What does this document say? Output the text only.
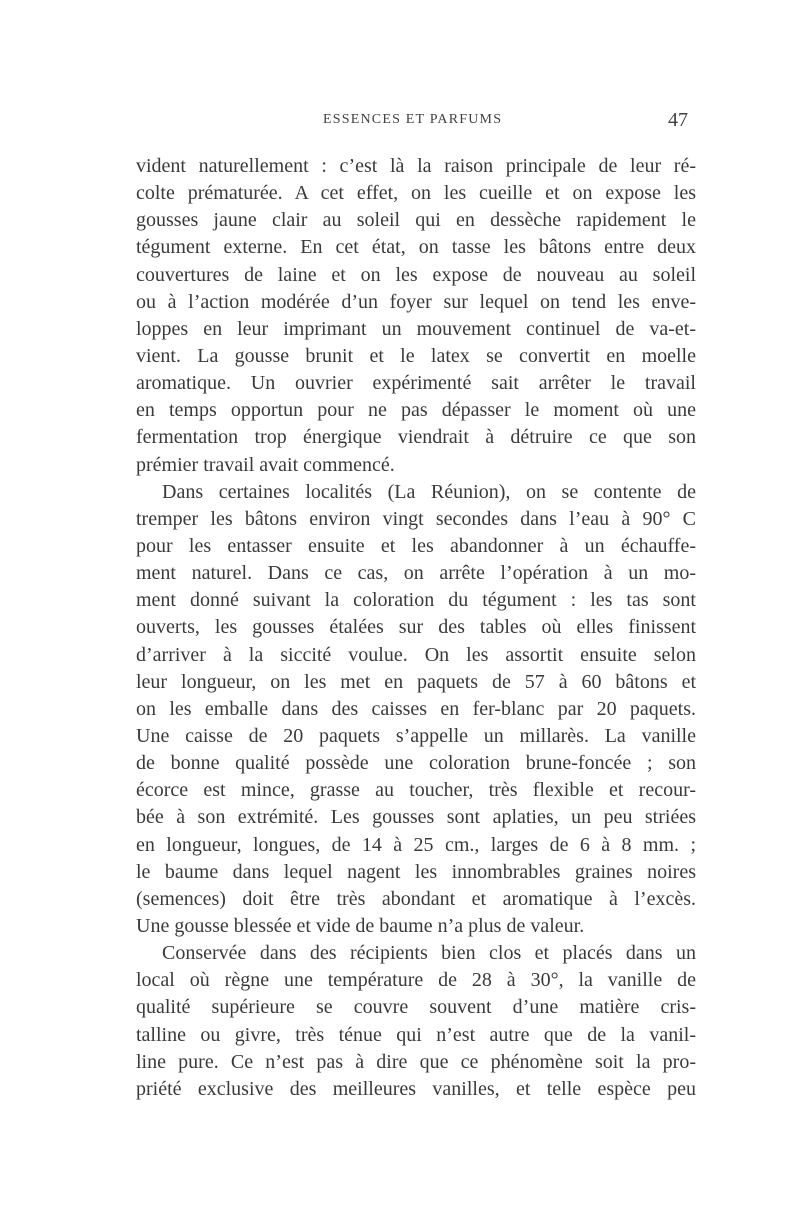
ESSENCES ET PARFUMS	47
vident naturellement : c’est là la raison principale de leur ré-
colte prématurée. A cet effet, on les cueille et on expose les
gousses jaune clair au soleil qui en dessèche rapidement le
tégument externe. En cet état, on tasse les bâtons entre deux
couvertures de laine et on les expose de nouveau au soleil
ou à l’action modérée d’un foyer sur lequel on tend les enve-
loppes en leur imprimant un mouvement continuel de va-et-
vient. La gousse brunit et le latex se convertit en moelle
aromatique. Un ouvrier expérimenté sait arrêter le travail
en temps opportun pour ne pas dépasser le moment où une
fermentation trop énergique viendrait à détruire ce que son
prémier travail avait commencé.
Dans certaines localités (La Réunion), on se contente de
tremper les bâtons environ vingt secondes dans l’eau à 90° C
pour les entasser ensuite et les abandonner à un échauffe-
ment naturel. Dans ce cas, on arrête l’opération à un mo-
ment donné suivant la coloration du tégument : les tas sont
ouverts, les gousses étalées sur des tables où elles finissent
d’arriver à la siccité voulue. On les assortit ensuite selon
leur longueur, on les met en paquets de 57 à 60 bâtons et
on les emballe dans des caisses en fer-blanc par 20 paquets.
Une caisse de 20 paquets s’appelle un millarès. La vanille
de bonne qualité possède une coloration brune-foncée ; son
écorce est mince, grasse au toucher, très flexible et recour-
bée à son extrémité. Les gousses sont aplaties, un peu striées
en longueur, longues, de 14 à 25 cm., larges de 6 à 8 mm. ;
le baume dans lequel nagent les innombrables graines noires
(semences) doit être très abondant et aromatique à l’excès.
Une gousse blessée et vide de baume n’a plus de valeur.
Conservée dans des récipients bien clos et placés dans un
local où règne une température de 28 à 30°, la vanille de
qualité supérieure se couvre souvent d’une matière cris-
talline ou givre, très ténue qui n’est autre que de la vanil-
line pure. Ce n’est pas à dire que ce phénomène soit la pro-
priété exclusive des meilleures vanilles, et telle espèce peu
